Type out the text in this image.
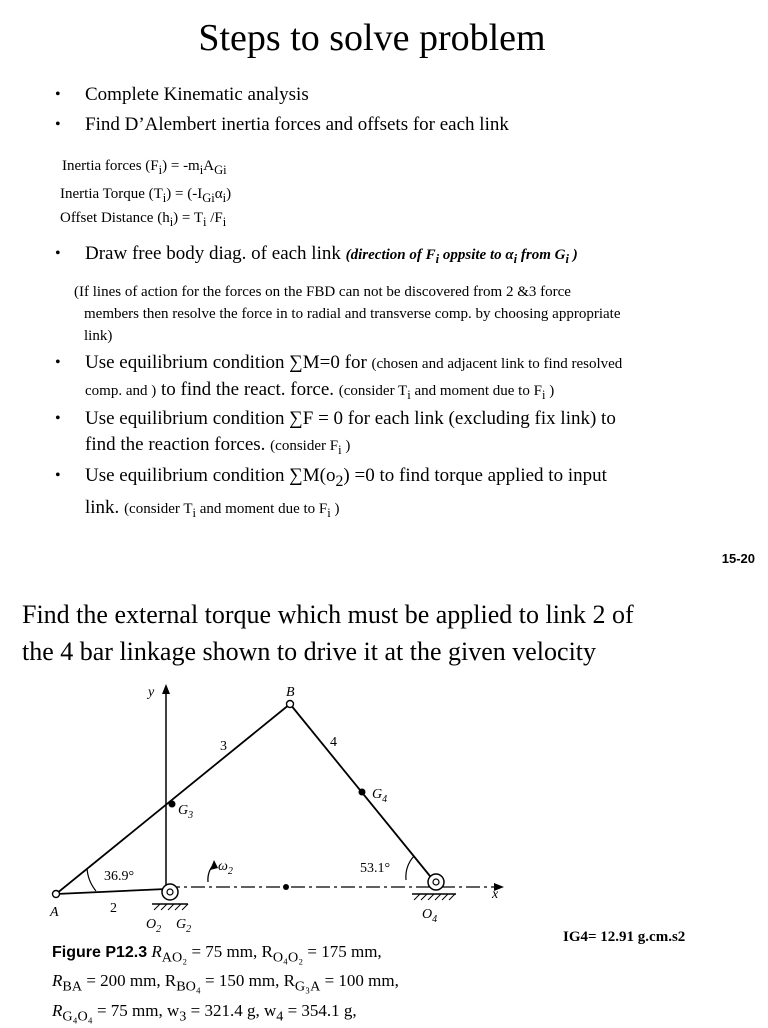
Steps to solve problem
• Complete Kinematic analysis
• Find D’Alembert inertia forces and offsets for each link
Inertia forces $(F_i) = -m_iA_{Gi}$
Inertia Torque $(T_i) = (-I_{Gi}\alpha_i)$
Offset Distance $(h_i) = T_i$ $/F_i$
• Draw free body diag. of each link (direction of $F_i$ oppsite to $\alpha_i$ from $G_i$ )
(If lines of action for the forces on the FBD can not be discovered from 2 &3 force
members then resolve the force in to radial and transverse comp. by choosing appropriate
link)
• Use equilibrium condition ∑M=0 for (chosen and adjacent link to find resolved
comp. and ) to find the react. force. (consider $T_i$ and moment due to $F_i$ )
• Use equilibrium condition ∑F = 0 for each link (excluding fix link) to
find the reaction forces. (consider $F_i$ )
• Use equilibrium condition $\sum M(o_2) =0$ to find torque applied to input
link. (consider $T_i$ and moment due to $F_i$ )
15-20
Find the external torque which must be applied to link 2 of
the 4 bar linkage shown to drive it at the given velocity
IG4= 12.91 g.cm.s2
y
x
B
3	4
$G_3$
$G_4$
$\omega_2$
36.9°
53.1°
A	2
$O_2$ $G_2$
$O_4$
Figure P12.3 $R_{AO_2} = 75$ mm, $R_{O_4O_2} = 175$ mm,
$R_{BA} = 200$ mm, $R_{BO_4} = 150$ mm, $R_{G_3A} = 100$ mm,
$R_{G_4O_4} = 75$ mm, $w_3 = 321.4$ g, $w_4 = 354.1$ g,
